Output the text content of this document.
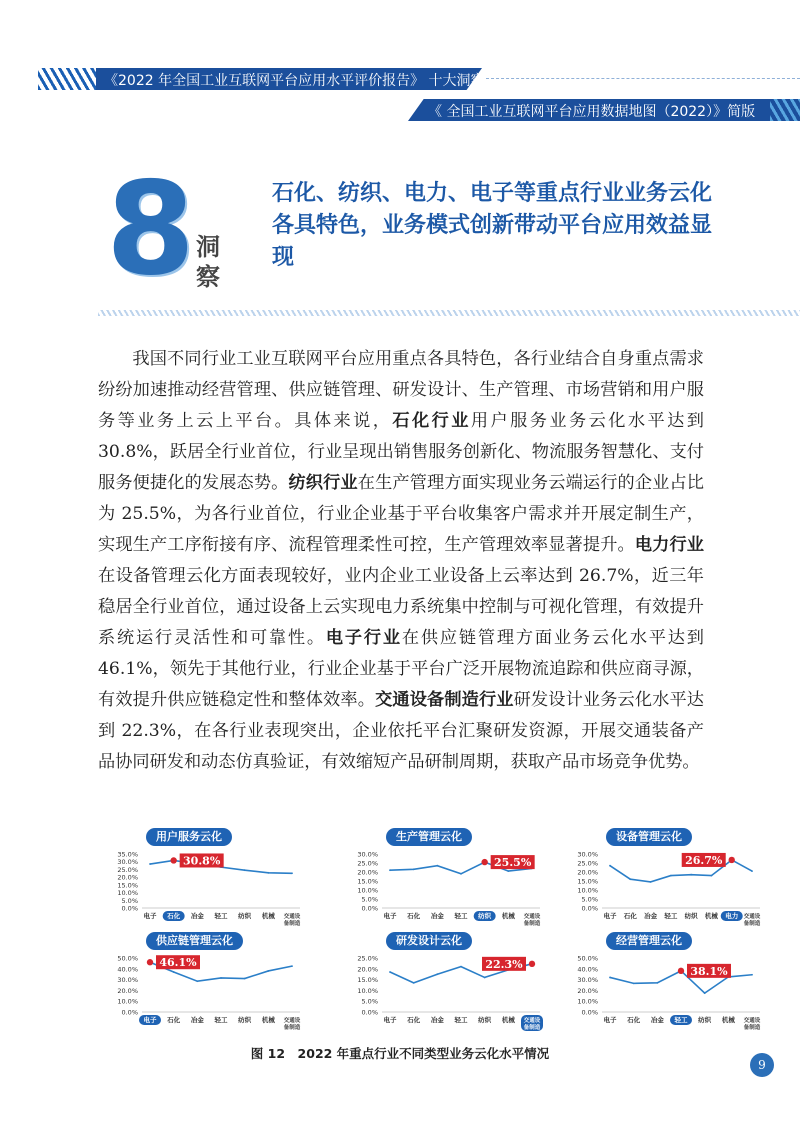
《2022 年全国工业互联网平台应用水平评价报告》 十大洞察
《 全国工业互联网平台应用数据地图（2022）》简版
8 洞
察
石化、纺织、电力、电子等重点行业业务云化各具特色，业务模式创新带动平台应用效益显现
我国不同行业工业互联网平台应用重点各具特色，各行业结合自身重点需求纷纷加速推动经营管理、供应链管理、研发设计、生产管理、市场营销和用户服务等业务上云上平台。具体来说，石化行业用户服务业务云化水平达到 30.8%，跃居全行业首位，行业呈现出销售服务创新化、物流服务智慧化、支付服务便捷化的发展态势。纺织行业在生产管理方面实现业务云端运行的企业占比为 25.5%，为各行业首位，行业企业基于平台收集客户需求并开展定制生产，实现生产工序衔接有序、流程管理柔性可控，生产管理效率显著提升。电力行业在设备管理云化方面表现较好，业内企业工业设备上云率达到 26.7%，近三年稳居全行业首位，通过设备上云实现电力系统集中控制与可视化管理，有效提升系统运行灵活性和可靠性。电子行业在供应链管理方面业务云化水平达到 46.1%，领先于其他行业，行业企业基于平台广泛开展物流追踪和供应商寻源，有效提升供应链稳定性和整体效率。交通设备制造行业研发设计业务云化水平达到 22.3%，在各行业表现突出，企业依托平台汇聚研发资源，开展交通装备产品协同研发和动态仿真验证，有效缩短产品研制周期，获取产品市场竞争优势。
用户服务云化
0.0%
5.0%
10.0%
15.0%
20.0%
25.0%
30.0%
35.0%	30.8%
电子 石化 冶金 轻工 纺织 机械 交通设
备制造
生产管理云化
0.0%
5.0%
10.0%
15.0%
20.0%
25.0%
30.0%
25.5%
电子 石化 冶金 轻工 纺织 机械 交通设
备制造
设备管理云化
0.0%
5.0%
10.0%
15.0%
20.0%
25.0%
30.0%	26.7%
电子 石化 冶金 轻工 纺织 机械 电力 交通设
备制造
供应链管理云化
0.0%
10.0%
20.0%
30.0%
40.0%
50.0% 46.1%
电子 石化 冶金 轻工 纺织 机械 交通设
备制造
研发设计云化
0.0%
5.0%
10.0%
15.0%
20.0%
25.0%	22.3%
电子 石化 冶金 轻工 纺织 机械 交通设
备制造
经营管理云化
0.0%
10.0%
20.0%
30.0%
40.0%
50.0%
38.1%
电子 石化 冶金 轻工 纺织 机械 交通设
备制造
图 12　2022 年重点行业不同类型业务云化水平情况
9
